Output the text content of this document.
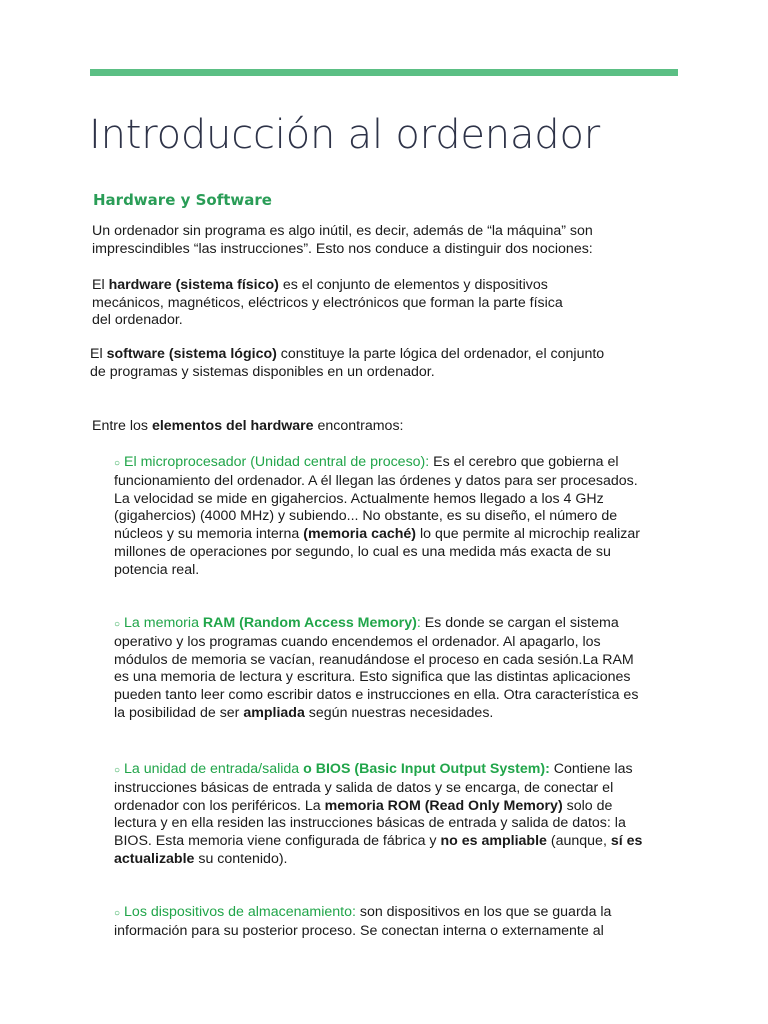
Introducción al ordenador
Hardware y Software
Un ordenador sin programa es algo inútil, es decir, además de “la máquina” son
imprescindibles “las instrucciones”. Esto nos conduce a distinguir dos nociones:
El hardware (sistema físico) es el conjunto de elementos y dispositivos
mecánicos, magnéticos, eléctricos y electrónicos que forman la parte física
del ordenador.
El software (sistema lógico) constituye la parte lógica del ordenador, el conjunto
de programas y sistemas disponibles en un ordenador.
Entre los elementos del hardware encontramos:
○ El microprocesador (Unidad central de proceso): Es el cerebro que gobierna el
funcionamiento del ordenador. A él llegan las órdenes y datos para ser procesados.
La velocidad se mide en gigahercios. Actualmente hemos llegado a los 4 GHz
(gigahercios) (4000 MHz) y subiendo... No obstante, es su diseño, el número de
núcleos y su memoria interna (memoria caché) lo que permite al microchip realizar
millones de operaciones por segundo, lo cual es una medida más exacta de su
potencia real.
○ La memoria RAM (Random Access Memory): Es donde se cargan el sistema
operativo y los programas cuando encendemos el ordenador. Al apagarlo, los
módulos de memoria se vacían, reanudándose el proceso en cada sesión.La RAM
es una memoria de lectura y escritura. Esto significa que las distintas aplicaciones
pueden tanto leer como escribir datos e instrucciones en ella. Otra característica es
la posibilidad de ser ampliada según nuestras necesidades.
○ La unidad de entrada/salida o BIOS (Basic Input Output System): Contiene las
instrucciones básicas de entrada y salida de datos y se encarga, de conectar el
ordenador con los periféricos. La memoria ROM (Read Only Memory) solo de
lectura y en ella residen las instrucciones básicas de entrada y salida de datos: la
BIOS. Esta memoria viene configurada de fábrica y no es ampliable (aunque, sí es
actualizable su contenido).
○ Los dispositivos de almacenamiento: son dispositivos en los que se guarda la
información para su posterior proceso. Se conectan interna o externamente al
